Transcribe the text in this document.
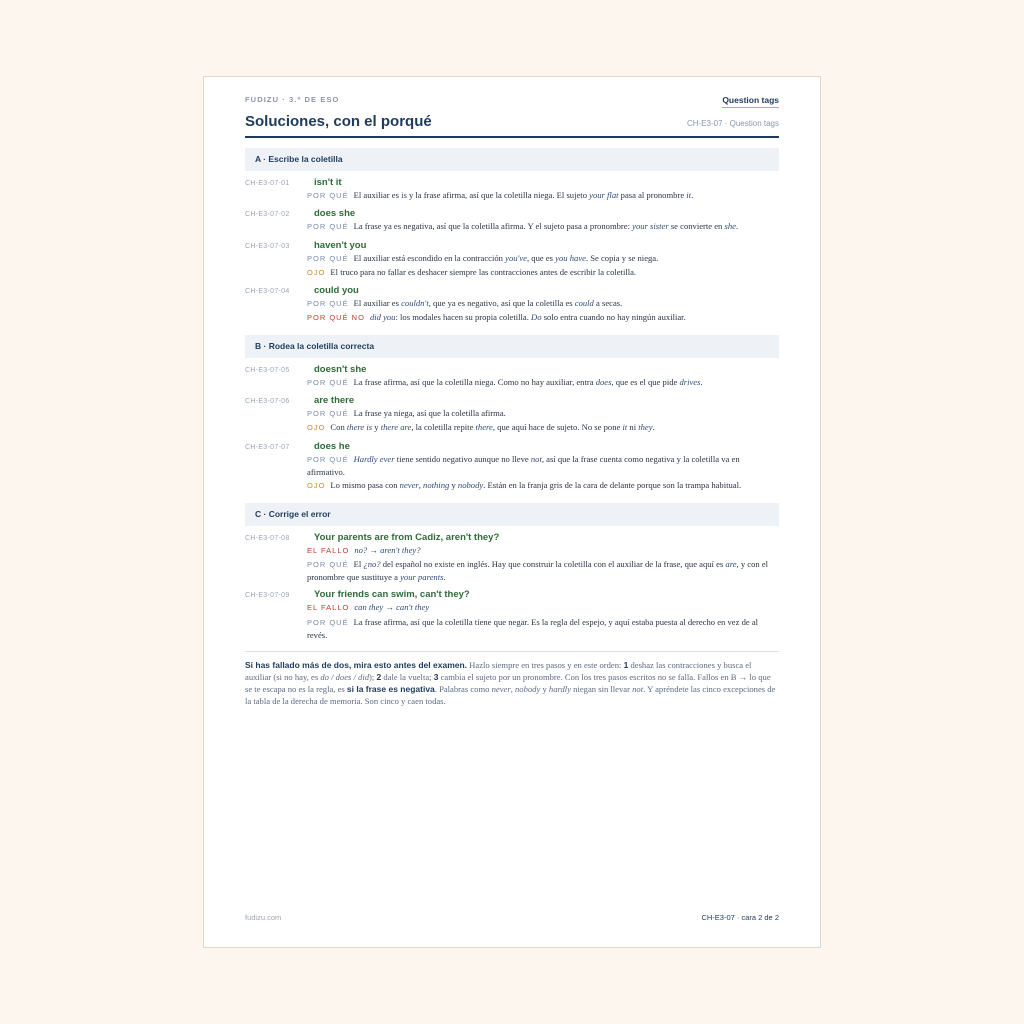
FUDIZU · 3.º DE ESO	Question tags
Soluciones, con el porqué	CH-E3-07 · Question tags
A · Escribe la coletilla
CH-E3-07-01	isn't it
POR QUÉ El auxiliar es is y la frase afirma, así que la coletilla niega. El sujeto your flat pasa al pronombre it.
CH-E3-07-02	does she
POR QUÉ La frase ya es negativa, así que la coletilla afirma. Y el sujeto pasa a pronombre: your sister se convierte en she.
CH-E3-07-03	haven't you
POR QUÉ El auxiliar está escondido en la contracción you've, que es you have. Se copia y se niega.
OJO El truco para no fallar es deshacer siempre las contracciones antes de escribir la coletilla.
CH-E3-07-04	could you
POR QUÉ El auxiliar es couldn't, que ya es negativo, así que la coletilla es could a secas.
POR QUÉ NO did you: los modales hacen su propia coletilla. Do solo entra cuando no hay ningún auxiliar.
B · Rodea la coletilla correcta
CH-E3-07-05	doesn't she
POR QUÉ La frase afirma, así que la coletilla niega. Como no hay auxiliar, entra does, que es el que pide drives.
CH-E3-07-06	are there
POR QUÉ La frase ya niega, así que la coletilla afirma.
OJO Con there is y there are, la coletilla repite there, que aquí hace de sujeto. No se pone it ni they.
CH-E3-07-07	does he
POR QUÉ Hardly ever tiene sentido negativo aunque no lleve not, así que la frase cuenta como negativa y la coletilla va en afirmativo.
OJO Lo mismo pasa con never, nothing y nobody. Están en la franja gris de la cara de delante porque son la trampa habitual.
C · Corrige el error
CH-E3-07-08	Your parents are from Cadiz, aren't they?
EL FALLO no? → aren't they?
POR QUÉ El ¿no? del español no existe en inglés. Hay que construir la coletilla con el auxiliar de la frase, que aquí es are, y con el pronombre que sustituye a your parents.
CH-E3-07-09	Your friends can swim, can't they?
EL FALLO can they → can't they
POR QUÉ La frase afirma, así que la coletilla tiene que negar. Es la regla del espejo, y aquí estaba puesta al derecho en vez de al revés.

Si has fallado más de dos, mira esto antes del examen. Hazlo siempre en tres pasos y en este orden: 1 deshaz las contracciones y busca el auxiliar (si no hay, es do / does / did); 2 dale la vuelta; 3 cambia el sujeto por un pronombre. Con los tres pasos escritos no se falla. Fallos en B → lo que se te escapa no es la regla, es si la frase es negativa. Palabras como never, nobody y hardly niegan sin llevar not. Y apréndete las cinco excepciones de la tabla de la derecha de memoria. Son cinco y caen todas.

fudizu.com	CH-E3-07 · cara 2 de 2
